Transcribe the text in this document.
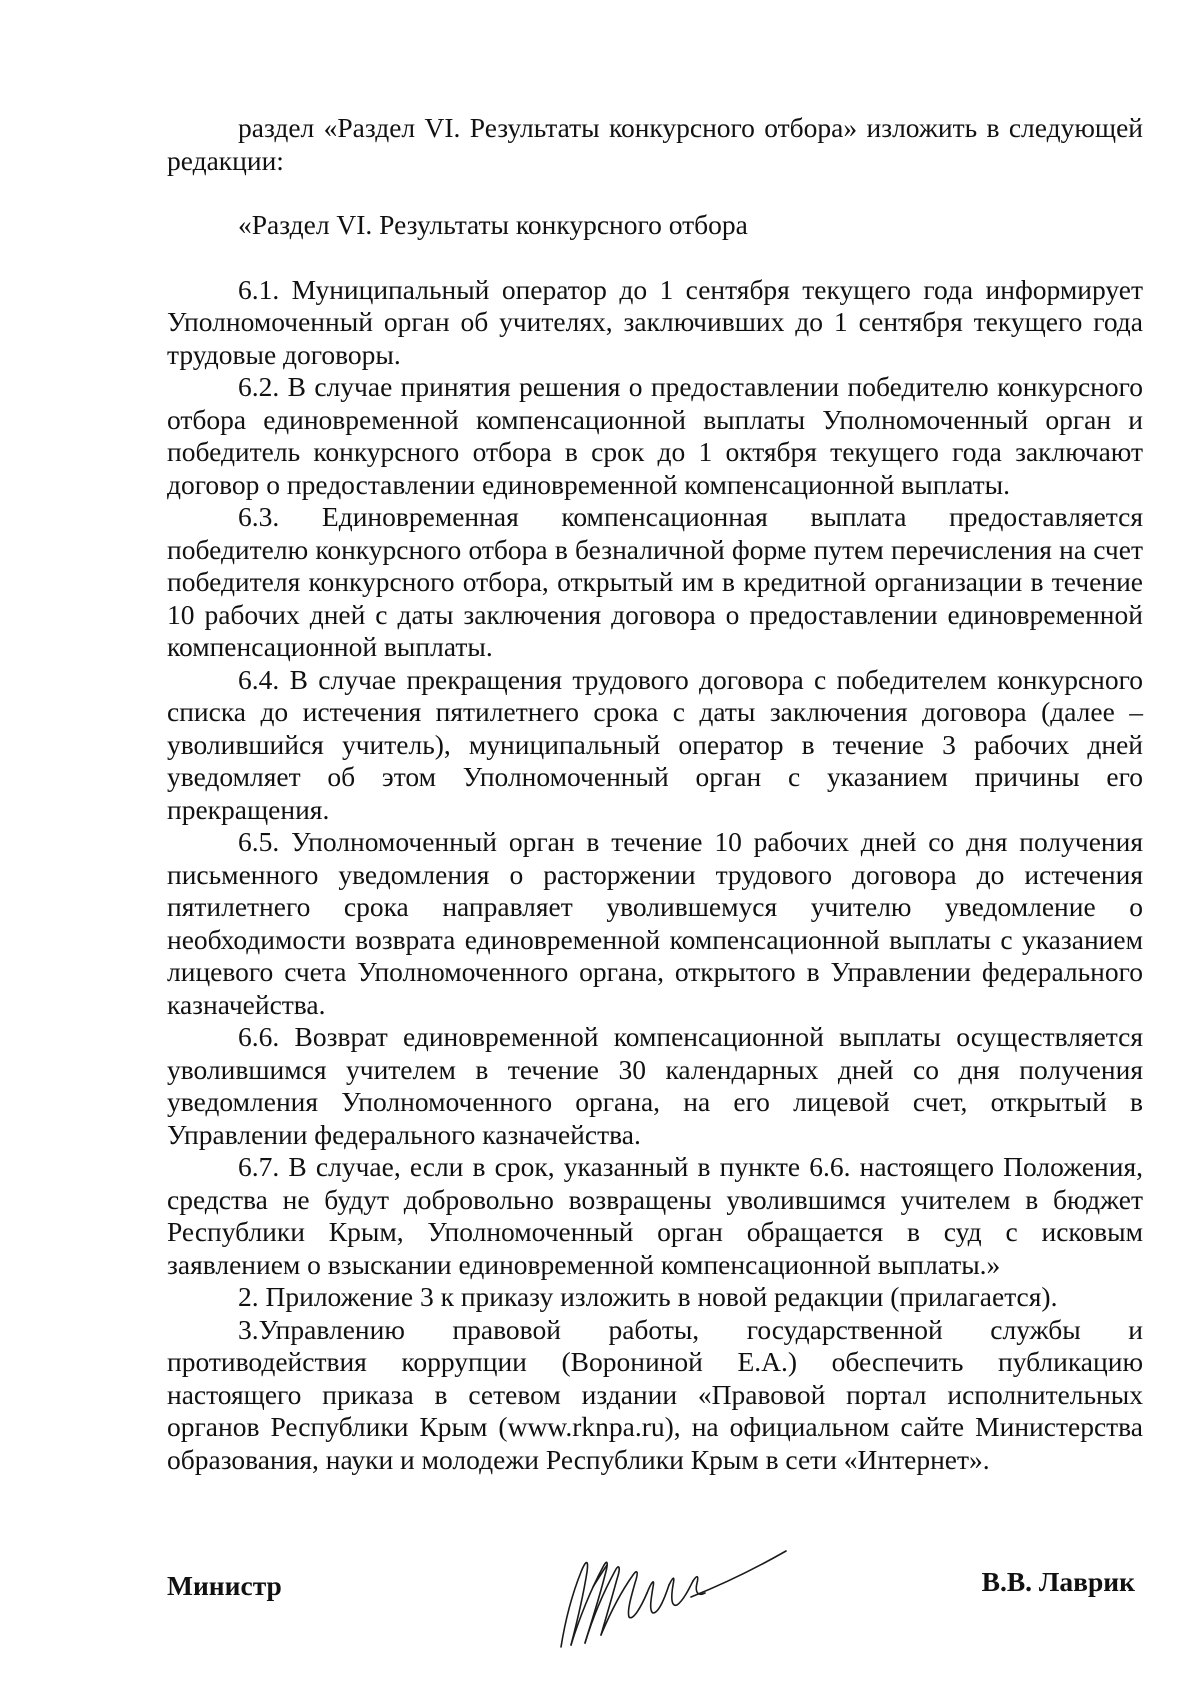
раздел «Раздел VI. Результаты конкурсного отбора» изложить в следующей редакции:

«Раздел VI. Результаты конкурсного отбора

6.1. Муниципальный оператор до 1 сентября текущего года информирует Уполномоченный орган об учителях, заключивших до 1 сентября текущего года трудовые договоры.

6.2. В случае принятия решения о предоставлении победителю конкурсного отбора единовременной компенсационной выплаты Уполномоченный орган и победитель конкурсного отбора в срок до 1 октября текущего года заключают договор о предоставлении единовременной компенсационной выплаты.

6.3. Единовременная компенсационная выплата предоставляется победителю конкурсного отбора в безналичной форме путем перечисления на счет победителя конкурсного отбора, открытый им в кредитной организации в течение 10 рабочих дней с даты заключения договора о предоставлении единовременной компенсационной выплаты.

6.4. В случае прекращения трудового договора с победителем конкурсного списка до истечения пятилетнего срока с даты заключения договора (далее – уволившийся учитель), муниципальный оператор в течение 3 рабочих дней уведомляет об этом Уполномоченный орган с указанием причины его прекращения.

6.5. Уполномоченный орган в течение 10 рабочих дней со дня получения письменного уведомления о расторжении трудового договора до истечения пятилетнего срока направляет уволившемуся учителю уведомление о необходимости возврата единовременной компенсационной выплаты с указанием лицевого счета Уполномоченного органа, открытого в Управлении федерального казначейства.

6.6. Возврат единовременной компенсационной выплаты осуществляется уволившимся учителем в течение 30 календарных дней со дня получения уведомления Уполномоченного органа, на его лицевой счет, открытый в Управлении федерального казначейства.

6.7. В случае, если в срок, указанный в пункте 6.6. настоящего Положения, средства не будут добровольно возвращены уволившимся учителем в бюджет Республики Крым, Уполномоченный орган обращается в суд с исковым заявлением о взыскании единовременной компенсационной выплаты.»

2. Приложение 3 к приказу изложить в новой редакции (прилагается).

3.Управлению правовой работы, государственной службы и противодействия коррупции (Ворониной Е.А.) обеспечить публикацию настоящего приказа в сетевом издании «Правовой портал исполнительных органов Республики Крым (www.rknpa.ru), на официальном сайте Министерства образования, науки и молодежи Республики Крым в сети «Интернет».

Министр	В.В. Лаврик
